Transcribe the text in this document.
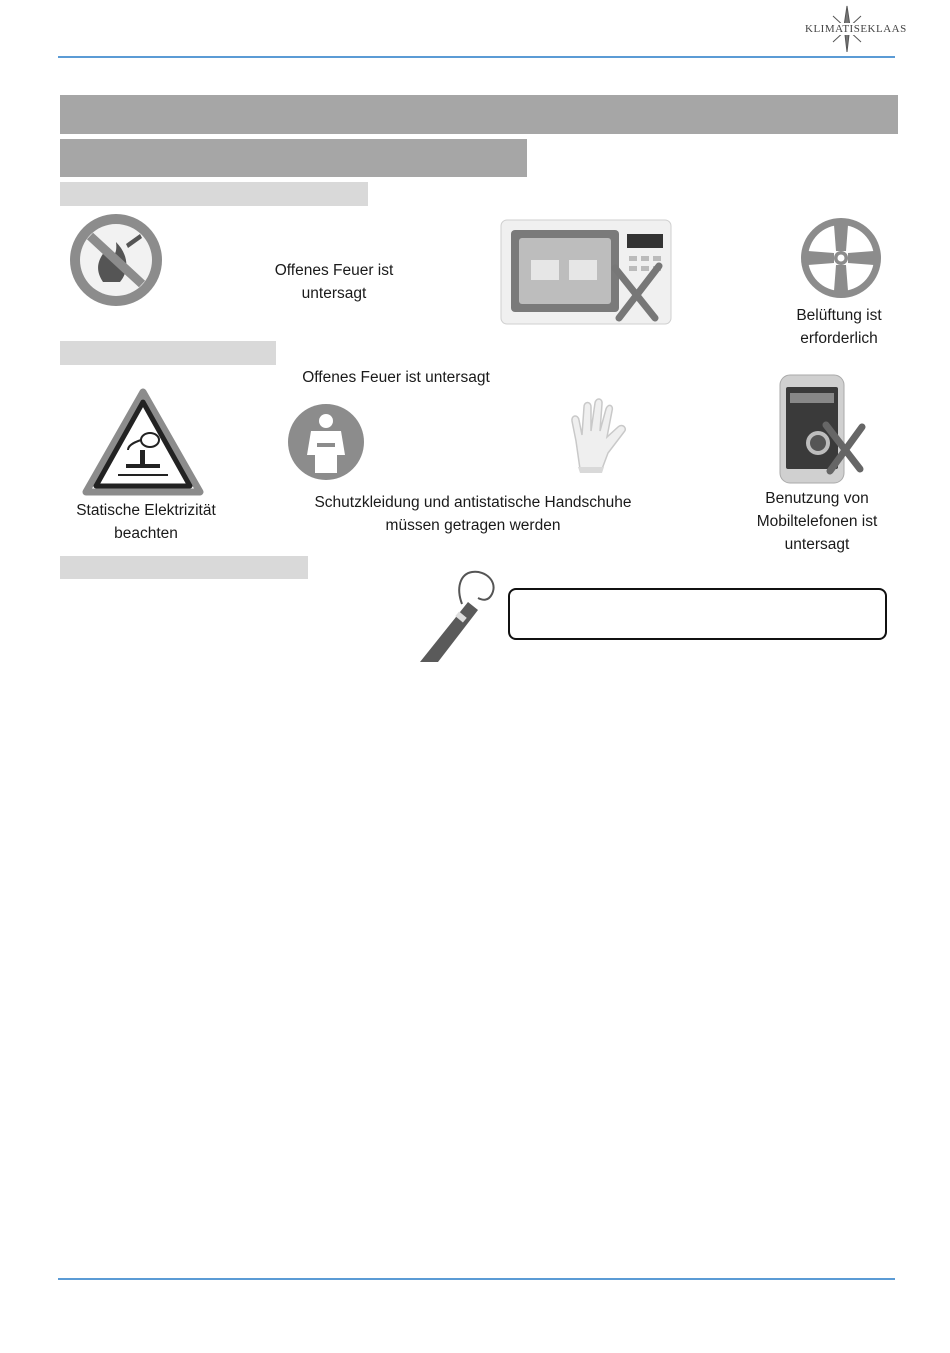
KLIMATISEKLAAS
Offenes Feuer ist
untersagt
Belüftung ist
erforderlich
Offenes Feuer ist untersagt
Statische Elektrizität
beachten
Schutzkleidung und antistatische Handschuhe
müssen getragen werden
Benutzung von
Mobiltelefonen ist
untersagt
